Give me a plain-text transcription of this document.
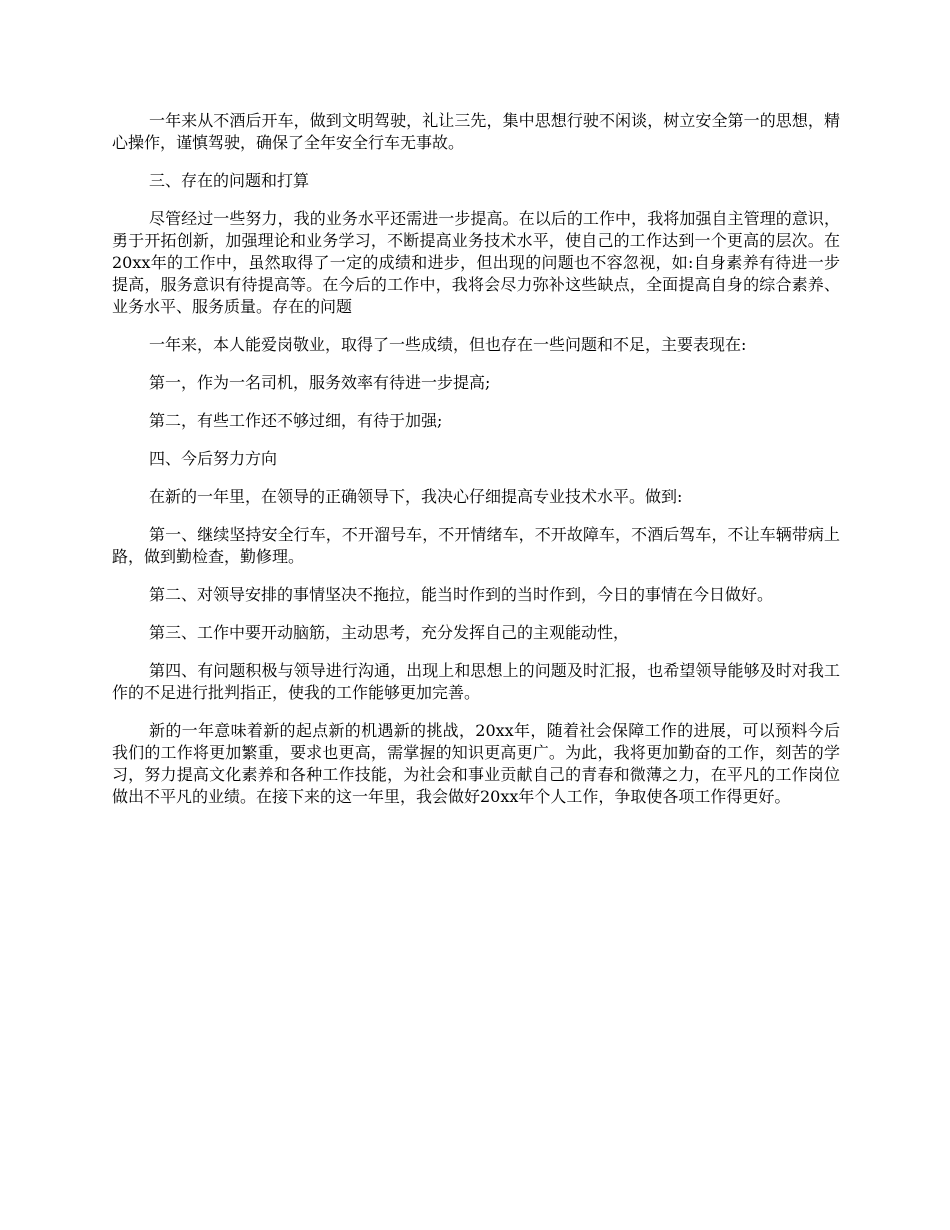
一年来从不酒后开车，做到文明驾驶，礼让三先，集中思想行驶不闲谈，树立安全第一的思想，精心操作，谨慎驾驶，确保了全年安全行车无事故。

三、存在的问题和打算

尽管经过一些努力，我的业务水平还需进一步提高。在以后的工作中，我将加强自主管理的意识，勇于开拓创新，加强理论和业务学习，不断提高业务技术水平，使自己的工作达到一个更高的层次。在20xx年的工作中，虽然取得了一定的成绩和进步，但出现的问题也不容忽视，如:自身素养有待进一步提高，服务意识有待提高等。在今后的工作中，我将会尽力弥补这些缺点，全面提高自身的综合素养、业务水平、服务质量。存在的问题

一年来，本人能爱岗敬业，取得了一些成绩，但也存在一些问题和不足，主要表现在:

第一，作为一名司机，服务效率有待进一步提高;

第二，有些工作还不够过细，有待于加强;

四、今后努力方向

在新的一年里，在领导的正确领导下，我决心仔细提高专业技术水平。做到:

第一、继续坚持安全行车，不开溜号车，不开情绪车，不开故障车，不酒后驾车，不让车辆带病上路，做到勤检查，勤修理。

第二、对领导安排的事情坚决不拖拉，能当时作到的当时作到，今日的事情在今日做好。

第三、工作中要开动脑筋，主动思考，充分发挥自己的主观能动性，

第四、有问题积极与领导进行沟通，出现上和思想上的问题及时汇报，也希望领导能够及时对我工作的不足进行批判指正，使我的工作能够更加完善。

新的一年意味着新的起点新的机遇新的挑战，20xx年，随着社会保障工作的进展，可以预料今后我们的工作将更加繁重，要求也更高，需掌握的知识更高更广。为此，我将更加勤奋的工作，刻苦的学习，努力提高文化素养和各种工作技能，为社会和事业贡献自己的青春和微薄之力，在平凡的工作岗位做出不平凡的业绩。在接下来的这一年里，我会做好20xx年个人工作，争取使各项工作得更好。
